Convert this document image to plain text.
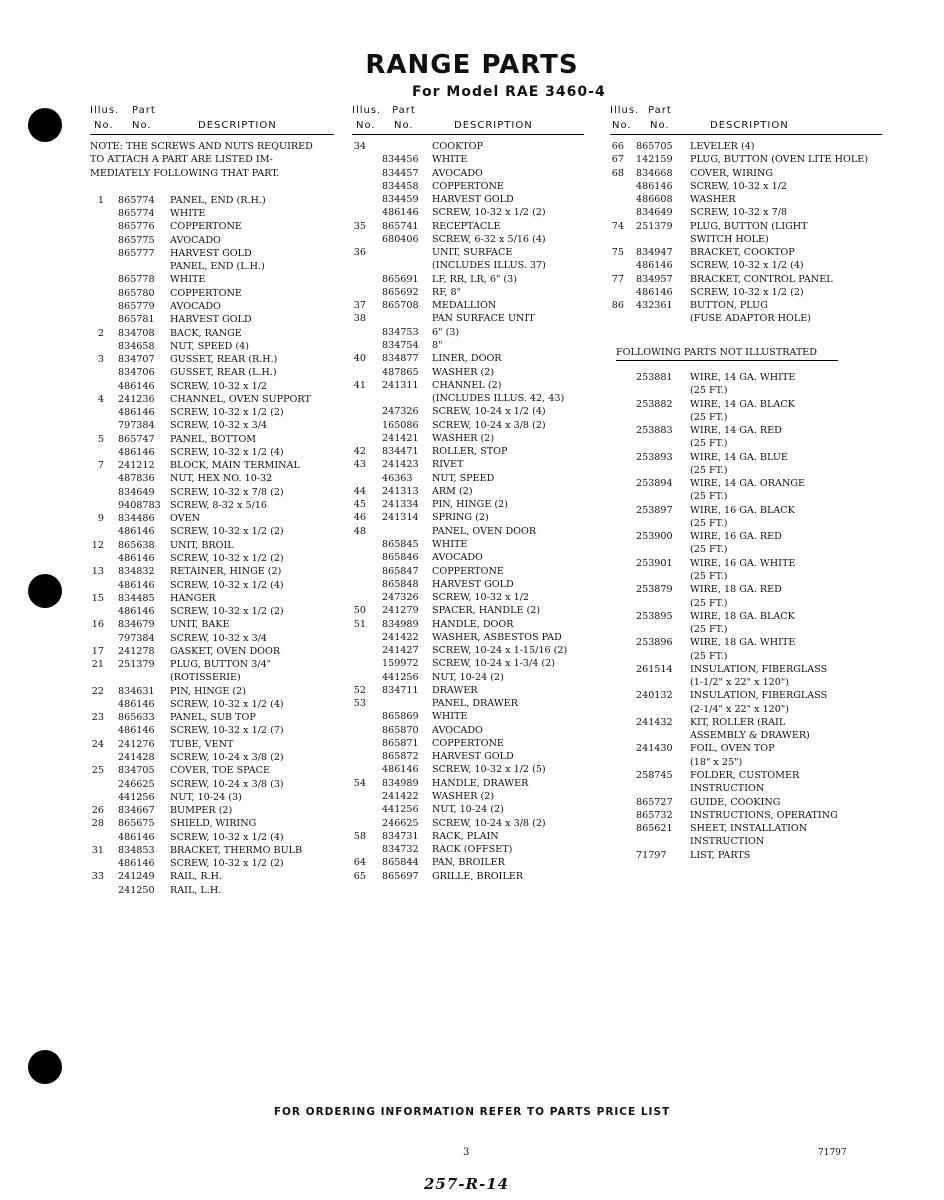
RANGE PARTS
For Model RAE 3460-4
Illus. Part
No. No.	DESCRIPTION
NOTE: THE SCREWS AND NUTS REQUIRED
TO ATTACH A PART ARE LISTED IM-
MEDIATELY FOLLOWING THAT PART.
1 865774 PANEL, END (R.H.)
865774 WHITE
865776 COPPERTONE
865775 AVOCADO
865777 HARVEST GOLD
PANEL, END (L.H.)
865778 WHITE
865780 COPPERTONE
865779 AVOCADO
865781 HARVEST GOLD
2 834708 BACK, RANGE
834658 NUT, SPEED (4)
3 834707 GUSSET, REAR (R.H.)
834706 GUSSET, REAR (L.H.)
486146 SCREW, 10-32 x 1/2
4 241236 CHANNEL, OVEN SUPPORT
486146 SCREW, 10-32 x 1/2 (2)
797384 SCREW, 10-32 x 3/4
5 865747 PANEL, BOTTOM
486146 SCREW, 10-32 x 1/2 (4)
7 241212 BLOCK, MAIN TERMINAL
487836 NUT, HEX NO. 10-32
834649 SCREW, 10-32 x 7/8 (2)
9408783 SCREW, 8-32 x 5/16
9 834486 OVEN
486146 SCREW, 10-32 x 1/2 (2)
12 865638 UNIT, BROIL
486146 SCREW, 10-32 x 1/2 (2)
13 834832 RETAINER, HINGE (2)
486146 SCREW, 10-32 x 1/2 (4)
15 834485 HANGER
486146 SCREW, 10-32 x 1/2 (2)
16 834679 UNIT, BAKE
797384 SCREW, 10-32 x 3/4
17 241278 GASKET, OVEN DOOR
21 251379 PLUG, BUTTON 3/4"
(ROTISSERIE)
22 834631 PIN, HINGE (2)
486146 SCREW, 10-32 x 1/2 (4)
23 865633 PANEL, SUB TOP
486146 SCREW, 10-32 x 1/2 (7)
24 241276 TUBE, VENT
241428 SCREW, 10-24 x 3/8 (2)
25 834705 COVER, TOE SPACE
246625 SCREW, 10-24 x 3/8 (3)
441256 NUT, 10-24 (3)
26 834667 BUMPER (2)
28 865675 SHIELD, WIRING
486146 SCREW, 10-32 x 1/2 (4)
31 834853 BRACKET, THERMO BULB
486146 SCREW, 10-32 x 1/2 (2)
33 241249 RAIL, R.H.
241250 RAIL, L.H.
Illus. Part
No. No.	DESCRIPTION
34	COOKTOP
834456 WHITE
834457 AVOCADO
834458 COPPERTONE
834459 HARVEST GOLD
486146 SCREW, 10-32 x 1/2 (2)
35 865741 RECEPTACLE
680406 SCREW, 6-32 x 5/16 (4)
36	UNIT, SURFACE
(INCLUDES ILLUS. 37)
865691 LF, RR, LR, 6" (3)
865692 RF, 8"
37 865708 MEDALLION
38	PAN SURFACE UNIT
834753 6" (3)
834754 8"
40 834877 LINER, DOOR
487865 WASHER (2)
41 241311 CHANNEL (2)
(INCLUDES ILLUS. 42, 43)
247326 SCREW, 10-24 x 1/2 (4)
165086 SCREW, 10-24 x 3/8 (2)
241421 WASHER (2)
42 834471 ROLLER, STOP
43 241423 RIVET
46363 NUT, SPEED
44 241313 ARM (2)
45 241334 PIN, HINGE (2)
46 241314 SPRING (2)
48	PANEL, OVEN DOOR
865845 WHITE
865846 AVOCADO
865847 COPPERTONE
865848 HARVEST GOLD
247326 SCREW, 10-32 x 1/2
50 241279 SPACER, HANDLE (2)
51 834989 HANDLE, DOOR
241422 WASHER, ASBESTOS PAD
241427 SCREW, 10-24 x 1-15/16 (2)
159972 SCREW, 10-24 x 1-3/4 (2)
441256 NUT, 10-24 (2)
52 834711 DRAWER
53	PANEL, DRAWER
865869 WHITE
865870 AVOCADO
865871 COPPERTONE
865872 HARVEST GOLD
486146 SCREW, 10-32 x 1/2 (5)
54 834989 HANDLE, DRAWER
241422 WASHER (2)
441256 NUT, 10-24 (2)
246625 SCREW, 10-24 x 3/8 (2)
58 834731 RACK, PLAIN
834732 RACK (OFFSET)
64 865844 PAN, BROILER
65 865697 GRILLE, BROILER
Illus. Part
No. No.	DESCRIPTION
66 865705 LEVELER (4)
67 142159 PLUG, BUTTON (OVEN LITE HOLE)
68 834668 COVER, WIRING
486146 SCREW, 10-32 x 1/2
486608 WASHER
834649 SCREW, 10-32 x 7/8
74 251379 PLUG, BUTTON (LIGHT
SWITCH HOLE)
75 834947 BRACKET, COOKTOP
486146 SCREW, 10-32 x 1/2 (4)
77 834957 BRACKET, CONTROL PANEL
486146 SCREW, 10-32 x 1/2 (2)
86 432361 BUTTON, PLUG
(FUSE ADAPTOR HOLE)
FOLLOWING PARTS NOT ILLUSTRATED
253881 WIRE, 14 GA. WHITE
(25 FT.)
253882 WIRE, 14 GA. BLACK
(25 FT.)
253883 WIRE, 14 GA. RED
(25 FT.)
253893 WIRE, 14 GA. BLUE
(25 FT.)
253894 WIRE, 14 GA. ORANGE
(25 FT.)
253897 WIRE, 16 GA. BLACK
(25 FT.)
253900 WIRE, 16 GA. RED
(25 FT.)
253901 WIRE, 16 GA. WHITE
(25 FT.)
253879 WIRE, 18 GA. RED
(25 FT.)
253895 WIRE, 18 GA. BLACK
(25 FT.)
253896 WIRE, 18 GA. WHITE
(25 FT.)
261514 INSULATION, FIBERGLASS
(1-1/2" x 22" x 120")
240132 INSULATION, FIBERGLASS
(2-1/4" x 22" x 120")
241432 KIT, ROLLER (RAIL
ASSEMBLY & DRAWER)
241430 FOIL, OVEN TOP
(18" x 25")
258745 FOLDER, CUSTOMER
INSTRUCTION
865727 GUIDE, COOKING
865732 INSTRUCTIONS, OPERATING
865621 SHEET, INSTALLATION
INSTRUCTION
71797 LIST, PARTS
FOR ORDERING INFORMATION REFER TO PARTS PRICE LIST
3	71797
257-R-14
